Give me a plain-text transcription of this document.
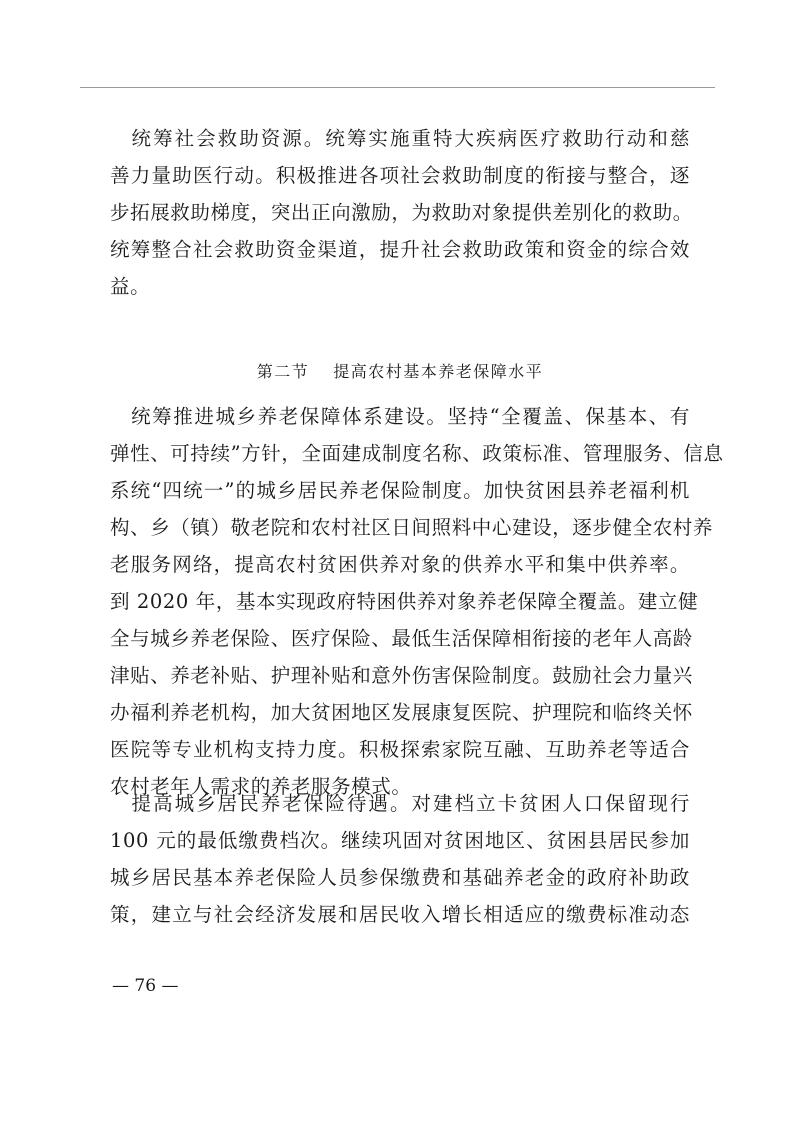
　统筹社会救助资源。统筹实施重特大疾病医疗救助行动和慈
善力量助医行动。积极推进各项社会救助制度的衔接与整合，逐
步拓展救助梯度，突出正向激励，为救助对象提供差别化的救助。
统筹整合社会救助资金渠道，提升社会救助政策和资金的综合效
益。
第二节　 提高农村基本养老保障水平
　统筹推进城乡养老保障体系建设。坚持“全覆盖、保基本、有
弹性、可持续”方针，全面建成制度名称、政策标准、管理服务、信息
系统“四统一”的城乡居民养老保险制度。加快贫困县养老福利机
构、乡（镇）敬老院和农村社区日间照料中心建设，逐步健全农村养
老服务网络，提高农村贫困供养对象的供养水平和集中供养率。
到 2020 年，基本实现政府特困供养对象养老保障全覆盖。建立健
全与城乡养老保险、医疗保险、最低生活保障相衔接的老年人高龄
津贴、养老补贴、护理补贴和意外伤害保险制度。鼓励社会力量兴
办福利养老机构，加大贫困地区发展康复医院、护理院和临终关怀
医院等专业机构支持力度。积极探索家院互融、互助养老等适合
农村老年人需求的养老服务模式。
　提高城乡居民养老保险待遇。对建档立卡贫困人口保留现行
100 元的最低缴费档次。继续巩固对贫困地区、贫困县居民参加
城乡居民基本养老保险人员参保缴费和基础养老金的政府补助政
策，建立与社会经济发展和居民收入增长相适应的缴费标准动态
— 76 —
